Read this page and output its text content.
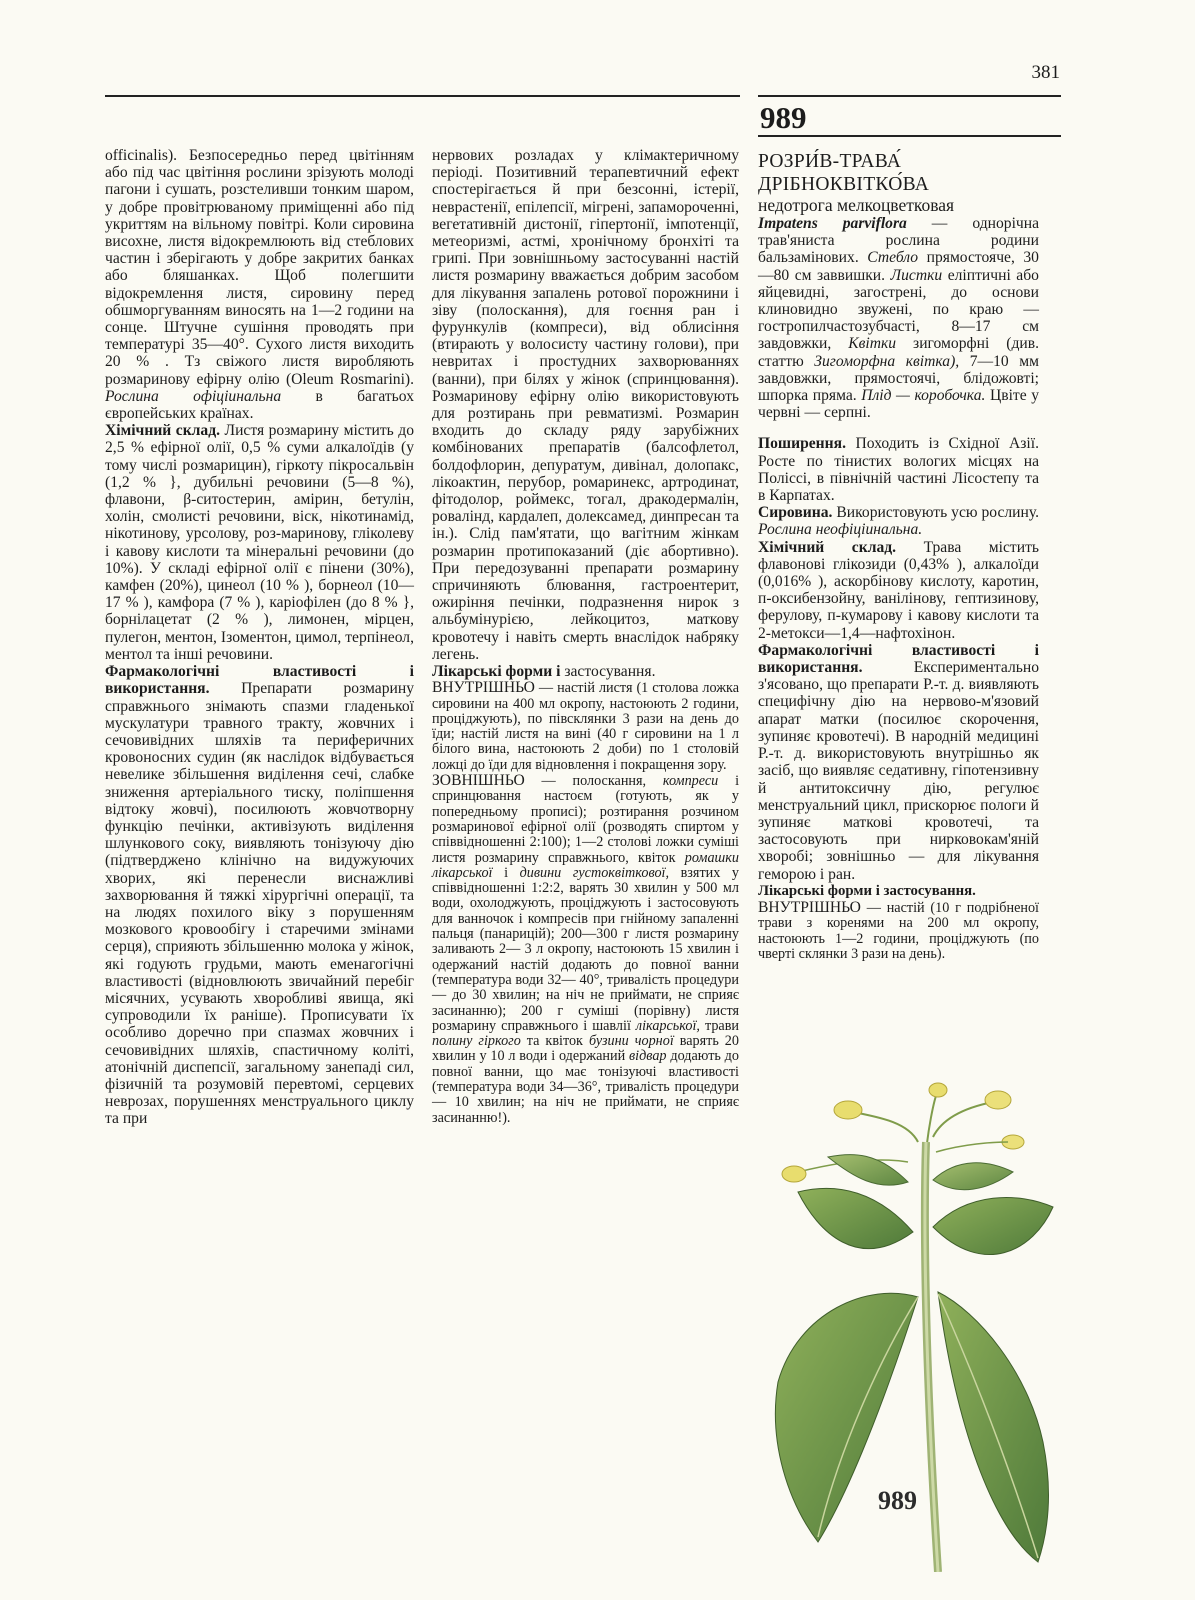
381
989

officinalis). Безпосередньо перед цвітінням або під час цвітіння рослини зрізують молоді пагони і сушать, розстеливши тонким шаром, у добре провітрюваному приміщенні або під укриттям на вільному повітрі. Коли сировина висохне, листя відокремлюють від стеблових частин і зберігають у добре закритих банках або бляшанках. Щоб полегшити відокремлення листя, сировину перед обшморгуванням виносять на 1—2 години на сонце. Штучне сушіння проводять при температурі 35—40°. Сухого листя виходить 20 % . Тз свіжого листя виробляють розмаринову ефірну олію (Oleum Rosmarini). Рослина офіціинальна в багатьох європейських країнах.

Хімічний склад. Листя розмарину містить до 2,5 % ефірної олії, 0,5 % суми алкалоїдів (у тому числі розмарицин), гіркоту пікросальвін (1,2 % }, дубильні речовини (5—8 %), флавони, β-ситостерин, амірин, бетулін, холін, смолисті речовини, віск, нікотинамід, нікотинову, урсолову, роз-маринову, гліколеву і кавову кислоти та мінеральні речовини (до 10%). У складі ефірної олії є пінени (30%), камфен (20%), цинеол (10 % ), борнеол (10—17 % ), камфора (7 % ), каріофілен (до 8 % }, борнілацетат (2 % ), лимонен, мірцен, пулегон, ментон, Ізоментон, цимол, терпінеол, ментол та інші речовини.

Фармакологічні властивості і використання. Препарати розмарину справжнього знімають спазми гладенької мускулатури травного тракту, жовчних і сечовивідних шляхів та периферичних кровоносних судин (як наслідок відбувається невелике збільшення виділення сечі, слабке зниження артеріального тиску, поліпшення відтоку жовчі), посилюють жовчотворну функцію печінки, активізують виділення шлункового соку, виявляють тонізуючу дію (підтверджено клінічно на видужуючих хворих, які перенесли виснажливі захворювання й тяжкі хірургічні операції, та на людях похилого віку з порушенням мозкового кровообігу і старечими змінами серця), сприяють збільшенню молока у жінок, які годують грудьми, мають еменагогічні властивості (відновлюють звичайний перебіг місячних, усувають хворобливі явища, які супроводили їх раніше). Прописувати їх особливо доречно при спазмах жовчних і сечовивідних шляхів, спастичному коліті, атонічній диспепсії, загальному занепаді сил, фізичній та розумовій перевтомі, серцевих неврозах, порушеннях менструального циклу та при

нервових розладах у клімактеричному періоді. Позитивний терапевтичний ефект спостерігається й при безсонні, істерії, неврастенії, епілепсії, мігрені, запамороченні, вегетативній дистонії, гіпертонії, імпотенції, метеоризмі, астмі, хронічному бронхіті та грипі. При зовнішньому застосуванні настій листя розмарину вважається добрим засобом для лікування запалень ротової порожнини і зіву (полоскання), для гоєння ран і фурункулів (компреси), від облисіння (втирають у волосисту частину голови), при невритах і простудних захворюваннях (ванни), при білях у жінок (спринцювання). Розмаринову ефірну олію використовують для розтирань при ревматизмі. Розмарин входить до складу ряду зарубіжних комбінованих препаратів (балсофлетол, болдофлорин, депуратум, дивінал, долопакс, лікоактин, перубор, ромаринекс, артродинат, фітодолор, роймекс, тогал, дракодермалін, ровалінд, кардалеп, долексамед, динпресан та ін.). Слід пам'ятати, що вагітним жінкам розмарин протипоказаний (діє абортивно). При передозуванні препарати розмарину спричиняють блювання, гастроентерит, ожиріння печінки, подразнення нирок з альбумінурією, лейкоцитоз, маткову кровотечу і навіть смерть внаслідок набряку легень.

Лікарські форми і застосування.

ВНУТРІШНЬО — настій листя (1 столова ложка сировини на 400 мл окропу, настоюють 2 години, проціджують), по півсклянки 3 рази на день до їди; настій листя на вині (40 г сировини на 1 л білого вина, настоюють 2 доби) по 1 столовій ложці до їди для відновлення і покращення зору.

ЗОВНІШНЬО — полоскання, компреси і спринцювання настоєм (готують, як у попередньому прописі); розтирання розчином розмаринової ефірної олії (розводять спиртом у співвідношенні 2:100); 1—2 столові ложки суміші листя розмарину справжнього, квіток ромашки лікарської і дивини густоквіткової, взятих у співвідношенні 1:2:2, варять 30 хвилин у 500 мл води, охолоджують, проціджують і застосовують для ванночок і компресів при гнійному запаленні пальця (панарицій); 200—300 г листя розмарину заливають 2— 3 л окропу, настоюють 15 хвилин і одержаний настій додають до повної ванни (температура води 32— 40°, тривалість процедури — до 30 хвилин; на ніч не приймати, не сприяє засинанню); 200 г суміші (порівну) листя розмарину справжнього і шавлії лікарської, трави полину гіркого та квіток бузини чорної варять 20 хвилин у 10 л води і одержаний відвар додають до повної ванни, що має тонізуючі властивості (температура води 34—36°, тривалість процедури — 10 хвилин; на ніч не приймати, не сприяє засинанню!).

РОЗРИ́В-ТРАВА́

ДРІБНОКВІТКО́ВА

недотрога мелкоцветковая

Impatens parviflora — однорічна трав'яниста рослина родини бальзамінових. Стебло прямостояче, 30—80 см заввишки. Листки еліптичні або яйцевидні, загострені, до основи клиновидно звужені, по краю — гостропилчастозубчасті, 8—17 см завдовжки, Квітки зигоморфні (див. статтю Зигоморфна квітка), 7—10 мм завдовжки, прямостоячі, блідожовті; шпорка пряма. Плід — коробочка. Цвіте у червні — серпні.

Поширення. Походить із Східної Азії. Росте по тінистих вологих місцях на Поліссі, в північній частині Лісостепу та в Карпатах.

Сировина. Використовують усю рослину. Рослина неофіціинальна.

Хімічний склад. Трава містить флавонові глікозиди (0,43% ), алкалоїди (0,016% ), аскорбінову кислоту, каротин, п-оксибензойну, ванілінову, гептизинову, ферулову, п-кумарову і кавову кислоти та 2-метокси—1,4—нафтохінон.

Фармакологічні властивості і використання.	Експериментально з'ясовано, що препарати Р.-т. д. виявляють специфічну дію на нервово-м'язовий апарат матки (посилює скорочення, зупиняє кровотечі). В народній медицині Р.-т. д. використовують внутрішньо як засіб, що виявляє седативну, гіпотензивну й антитоксичну дію, регулює менструальний цикл, прискорює пологи й зупиняє маткові кровотечі, та застосовують при нирковокам'яній хворобі; зовнішньо — для лікування геморою і ран.

Лікарські форми і застосування.

ВНУТРІШНЬО — настій (10 г подрібненої трави з коренями на 200 мл окропу, настоюють 1—2 години, проціджують (по чверті склянки 3 рази на день).

989
